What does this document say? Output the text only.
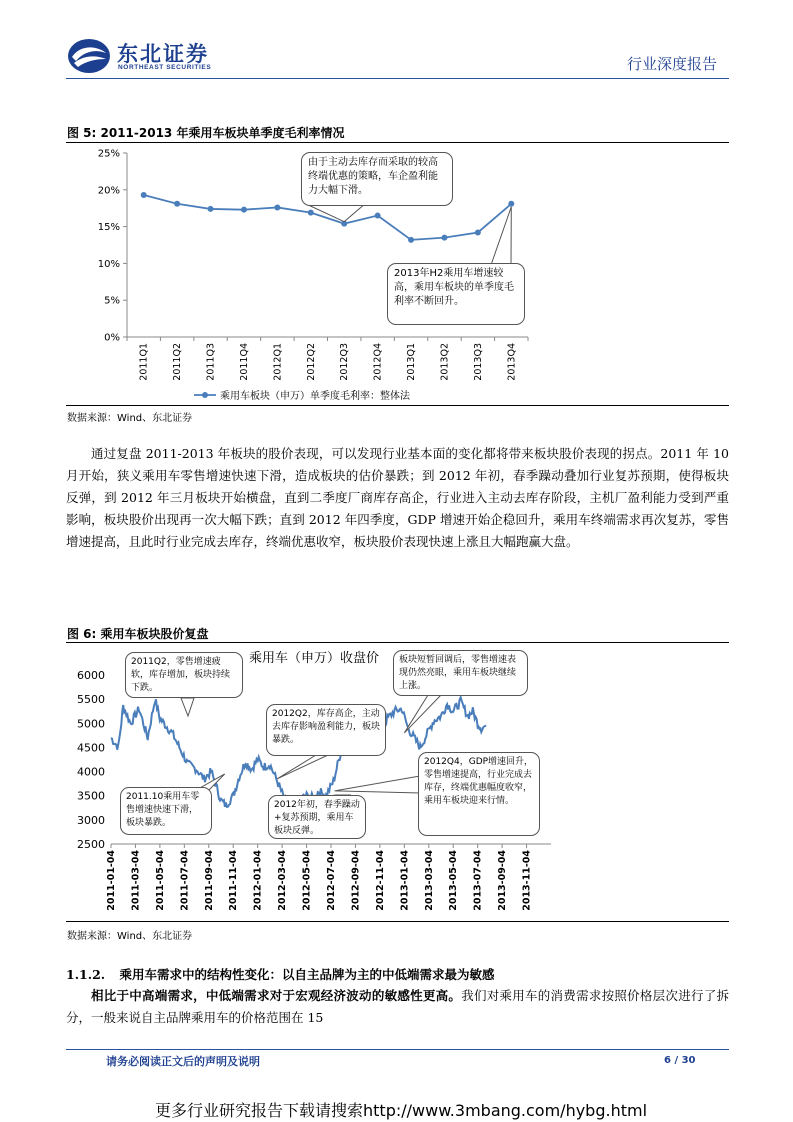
东北证券
NORTHEAST SECURITIES	行业深度报告
图 5: 2011-2013 年乘用车板块单季度毛利率情况
0%
5%
10%
15%
20%
25%
2011Q1 2011Q2 2011Q3 2011Q4 2012Q1 2012Q2 2012Q3 2012Q4 2013Q1 2013Q2 2013Q3 2013Q4
乘用车板块（申万）单季度毛利率：整体法
由于主动去库存而采取的较高终端优惠的策略，车企盈利能力大幅下滑。
2013年H2乘用车增速较高，乘用车板块的单季度毛利率不断回升。
数据来源：Wind、东北证券
通过复盘 2011-2013 年板块的股价表现，可以发现行业基本面的变化都将带来板块股价表现的拐点。2011 年 10 月开始，狭义乘用车零售增速快速下滑，造成板块的估价暴跌；到 2012 年初，春季躁动叠加行业复苏预期，使得板块反弹，到 2012 年三月板块开始横盘，直到二季度厂商库存高企，行业进入主动去库存阶段，主机厂盈利能力受到严重影响，板块股价出现再一次大幅下跌；直到 2012 年四季度，GDP 增速开始企稳回升，乘用车终端需求再次复苏，零售增速提高，且此时行业完成去库存，终端优惠收窄，板块股价表现快速上涨且大幅跑赢大盘。
图 6: 乘用车板块股价复盘
乘用车（申万）收盘价
2500
3000
3500
4000
4500
5000
5500
6000
2011-01-04 2011-03-04 2011-05-04 2011-07-04 2011-09-04 2011-11-04 2012-01-04 2012-03-04 2012-05-04 2012-07-04 2012-09-04 2012-11-04 2013-01-04 2013-03-04 2013-05-04 2013-07-04 2013-09-04 2013-11-04
2011Q2，零售增速疲软，库存增加，板块持续下跌。
2011.10乘用车零售增速快速下滑，板块暴跌。
2012Q2，库存高企，主动去库存影响盈利能力，板块暴跌。
2012年初，春季躁动+复苏预期，乘用车板块反弹。
板块短暂回调后，零售增速表现仍然亮眼，乘用车板块继续上涨。
2012Q4，GDP增速回升，零售增速提高，行业完成去库存，终端优惠幅度收窄，乘用车板块迎来行情。
数据来源：Wind、东北证券
1.1.2. 乘用车需求中的结构性变化：以自主品牌为主的中低端需求最为敏感
相比于中高端需求，中低端需求对于宏观经济波动的敏感性更高。我们对乘用车的消费需求按照价格层次进行了拆分，一般来说自主品牌乘用车的价格范围在 15
请务必阅读正文后的声明及说明	6 / 30
更多行业研究报告下载请搜索http://www.3mbang.com/hybg.html
